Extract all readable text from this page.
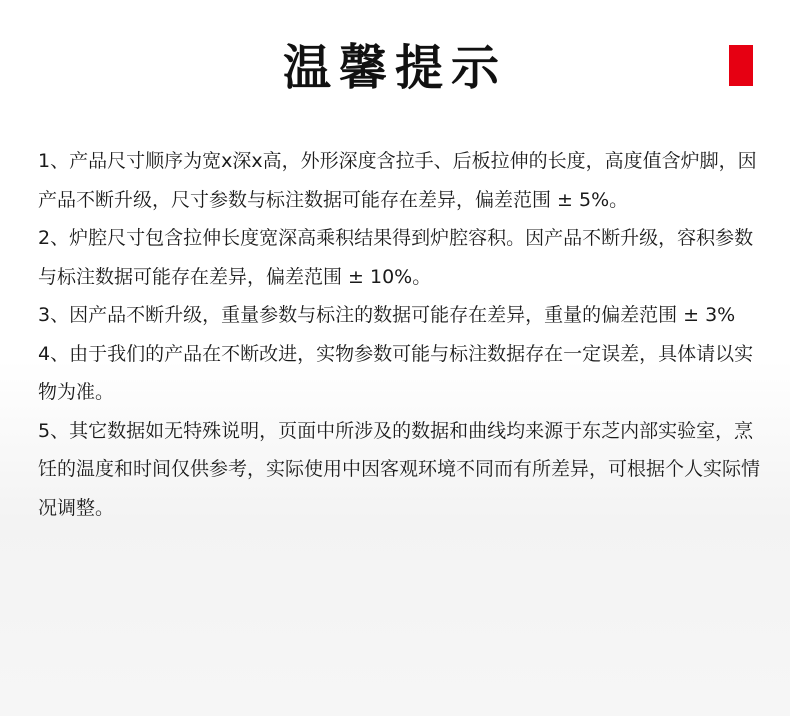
温馨提示
1、产品尺寸顺序为宽x深x高，外形深度含拉手、后板拉伸的长度，高度值含炉脚，因产品不断升级，尺寸参数与标注数据可能存在差异，偏差范围 ± 5%。
2、炉腔尺寸包含拉伸长度宽深高乘积结果得到炉腔容积。因产品不断升级，容积参数与标注数据可能存在差异，偏差范围 ± 10%。
3、因产品不断升级，重量参数与标注的数据可能存在差异，重量的偏差范围 ± 3%
4、由于我们的产品在不断改进，实物参数可能与标注数据存在一定误差，具体请以实物为准。
5、其它数据如无特殊说明，页面中所涉及的数据和曲线均来源于东芝内部实验室，烹饪的温度和时间仅供参考，实际使用中因客观环境不同而有所差异，可根据个人实际情况调整。
